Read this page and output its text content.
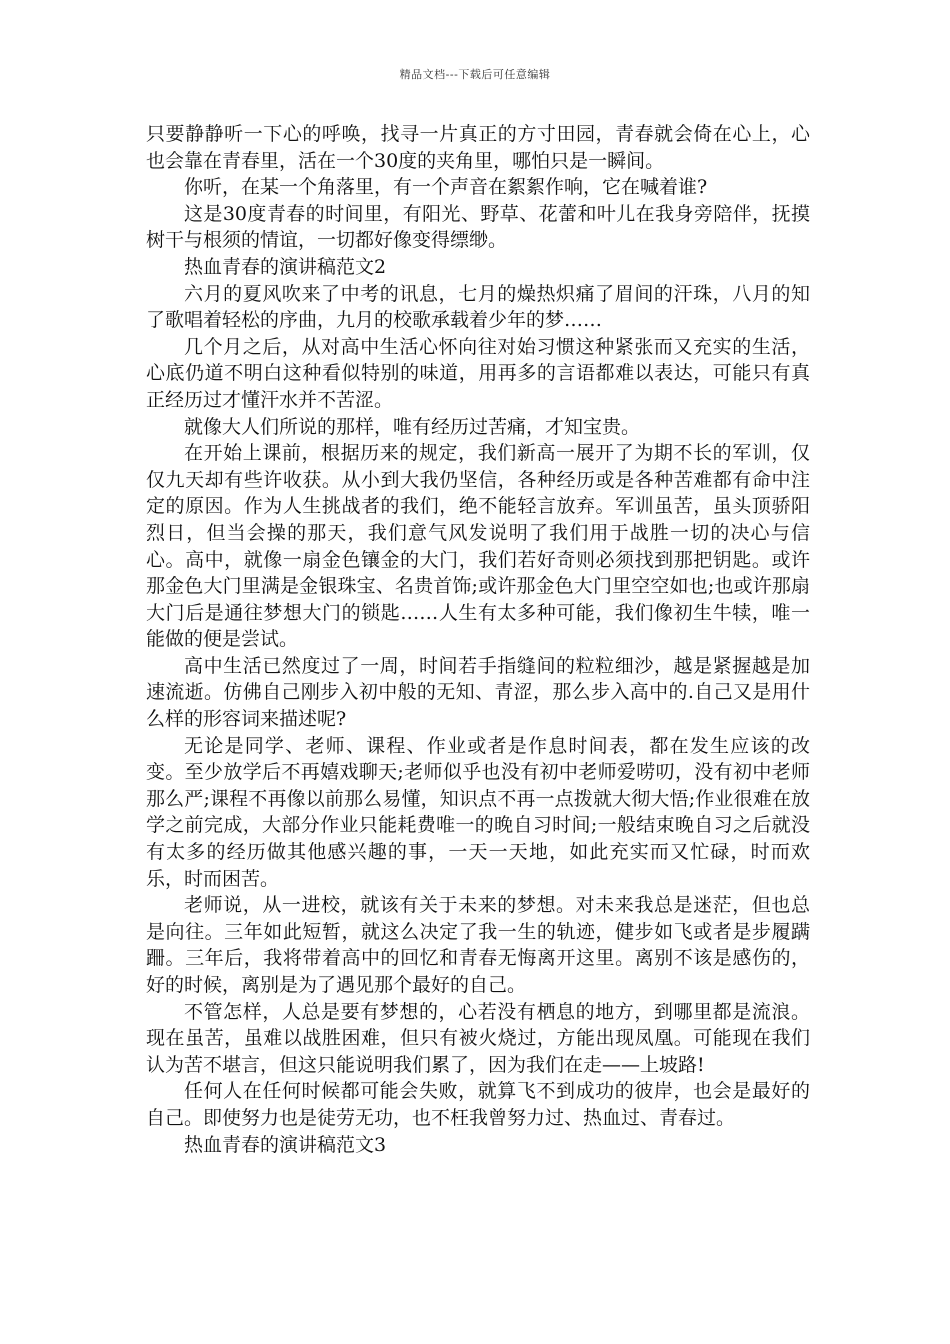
精品文档---下载后可任意编辑

只要静静听一下心的呼唤，找寻一片真正的方寸田园，青春就会倚在心上，心也会靠在青春里，活在一个30度的夹角里，哪怕只是一瞬间。

你听，在某一个角落里，有一个声音在絮絮作响，它在喊着谁?

这是30度青春的时间里，有阳光、野草、花蕾和叶儿在我身旁陪伴，抚摸树干与根须的情谊，一切都好像变得缥缈。

热血青春的演讲稿范文2

六月的夏风吹来了中考的讯息，七月的燥热炽痛了眉间的汗珠，八月的知了歌唱着轻松的序曲，九月的校歌承载着少年的梦……

几个月之后，从对高中生活心怀向往对始习惯这种紧张而又充实的生活，心底仍道不明白这种看似特别的味道，用再多的言语都难以表达，可能只有真正经历过才懂汗水并不苦涩。

就像大人们所说的那样，唯有经历过苦痛，才知宝贵。

在开始上课前，根据历来的规定，我们新高一展开了为期不长的军训，仅仅九天却有些许收获。从小到大我仍坚信，各种经历或是各种苦难都有命中注定的原因。作为人生挑战者的我们，绝不能轻言放弃。军训虽苦，虽头顶骄阳烈日，但当会操的那天，我们意气风发说明了我们用于战胜一切的决心与信心。高中，就像一扇金色镶金的大门，我们若好奇则必须找到那把钥匙。或许那金色大门里满是金银珠宝、名贵首饰;或许那金色大门里空空如也;也或许那扇大门后是通往梦想大门的锁匙……人生有太多种可能，我们像初生牛犊，唯一能做的便是尝试。

高中生活已然度过了一周，时间若手指缝间的粒粒细沙，越是紧握越是加速流逝。仿佛自己刚步入初中般的无知、青涩，那么步入高中的.自己又是用什么样的形容词来描述呢?

无论是同学、老师、课程、作业或者是作息时间表，都在发生应该的改变。至少放学后不再嬉戏聊天;老师似乎也没有初中老师爱唠叨，没有初中老师那么严;课程不再像以前那么易懂，知识点不再一点拨就大彻大悟;作业很难在放学之前完成，大部分作业只能耗费唯一的晚自习时间;一般结束晚自习之后就没有太多的经历做其他感兴趣的事，一天一天地，如此充实而又忙碌，时而欢乐，时而困苦。

老师说，从一进校，就该有关于未来的梦想。对未来我总是迷茫，但也总是向往。三年如此短暂，就这么决定了我一生的轨迹，健步如飞或者是步履蹒跚。三年后，我将带着高中的回忆和青春无悔离开这里。离别不该是感伤的，好的时候，离别是为了遇见那个最好的自己。

不管怎样，人总是要有梦想的，心若没有栖息的地方，到哪里都是流浪。现在虽苦，虽难以战胜困难，但只有被火烧过，方能出现凤凰。可能现在我们认为苦不堪言，但这只能说明我们累了，因为我们在走——上坡路!

任何人在任何时候都可能会失败，就算飞不到成功的彼岸，也会是最好的自己。即使努力也是徒劳无功，也不枉我曾努力过、热血过、青春过。

热血青春的演讲稿范文3
